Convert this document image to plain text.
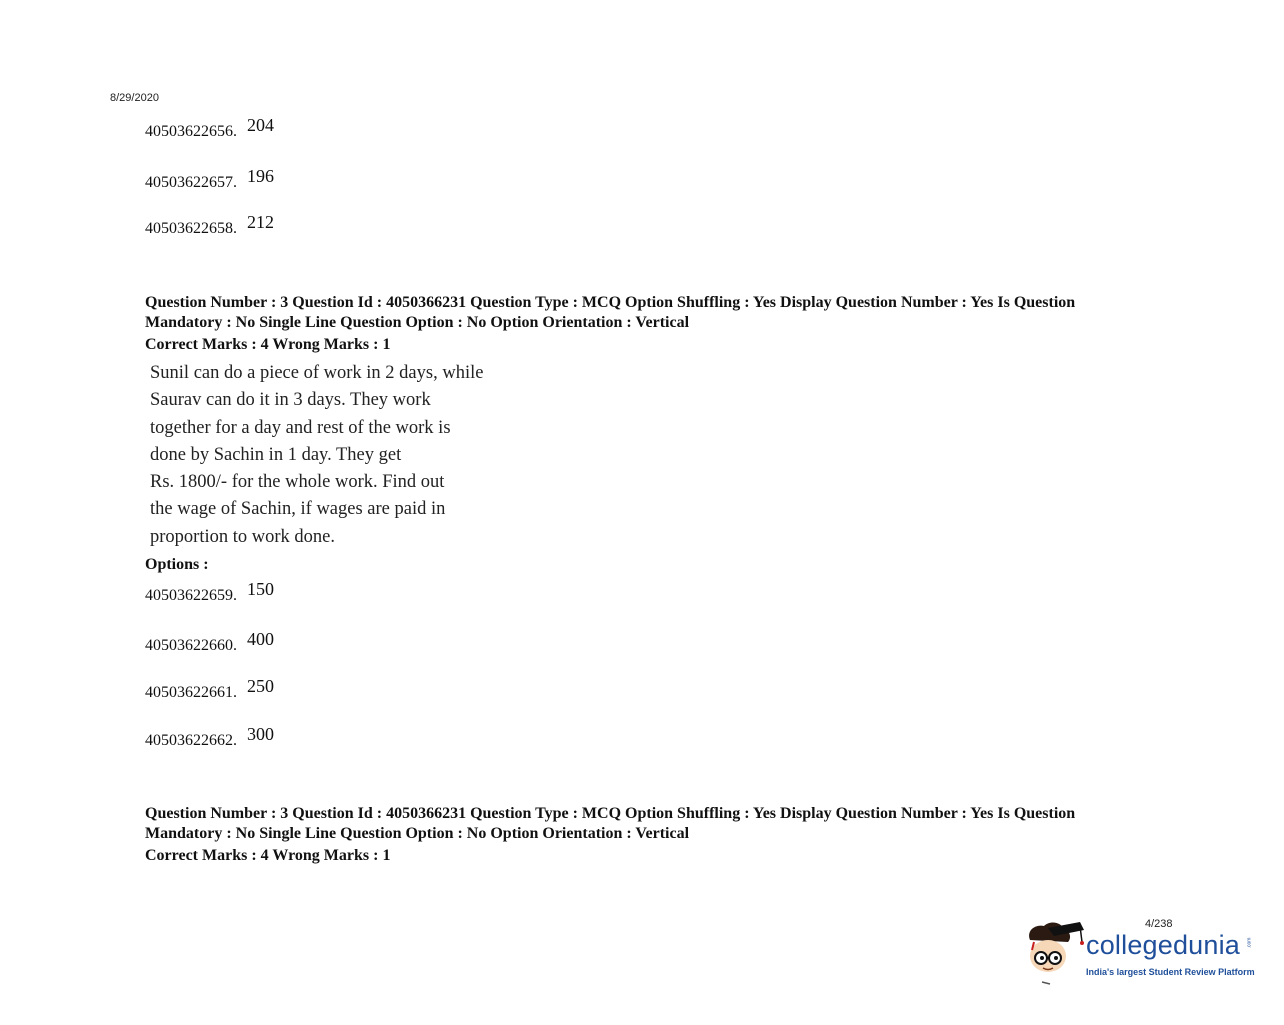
8/29/2020
40503622656. 204
40503622657. 196
40503622658. 212
Question Number : 3 Question Id : 4050366231 Question Type : MCQ Option Shuffling : Yes Display Question Number : Yes Is Question
Mandatory : No Single Line Question Option : No Option Orientation : Vertical
Correct Marks : 4 Wrong Marks : 1
Sunil can do a piece of work in 2 days, while
Saurav can do it in 3 days. They work
together for a day and rest of the work is
done by Sachin in 1 day. They get
Rs. 1800/- for the whole work. Find out
the wage of Sachin, if wages are paid in
proportion to work done.
Options :
40503622659. 150
40503622660. 400
40503622661. 250
40503622662. 300
Question Number : 3 Question Id : 4050366231 Question Type : MCQ Option Shuffling : Yes Display Question Number : Yes Is Question
Mandatory : No Single Line Question Option : No Option Orientation : Vertical
Correct Marks : 4 Wrong Marks : 1
4/238
collegedunia .com
India's largest Student Review Platform
